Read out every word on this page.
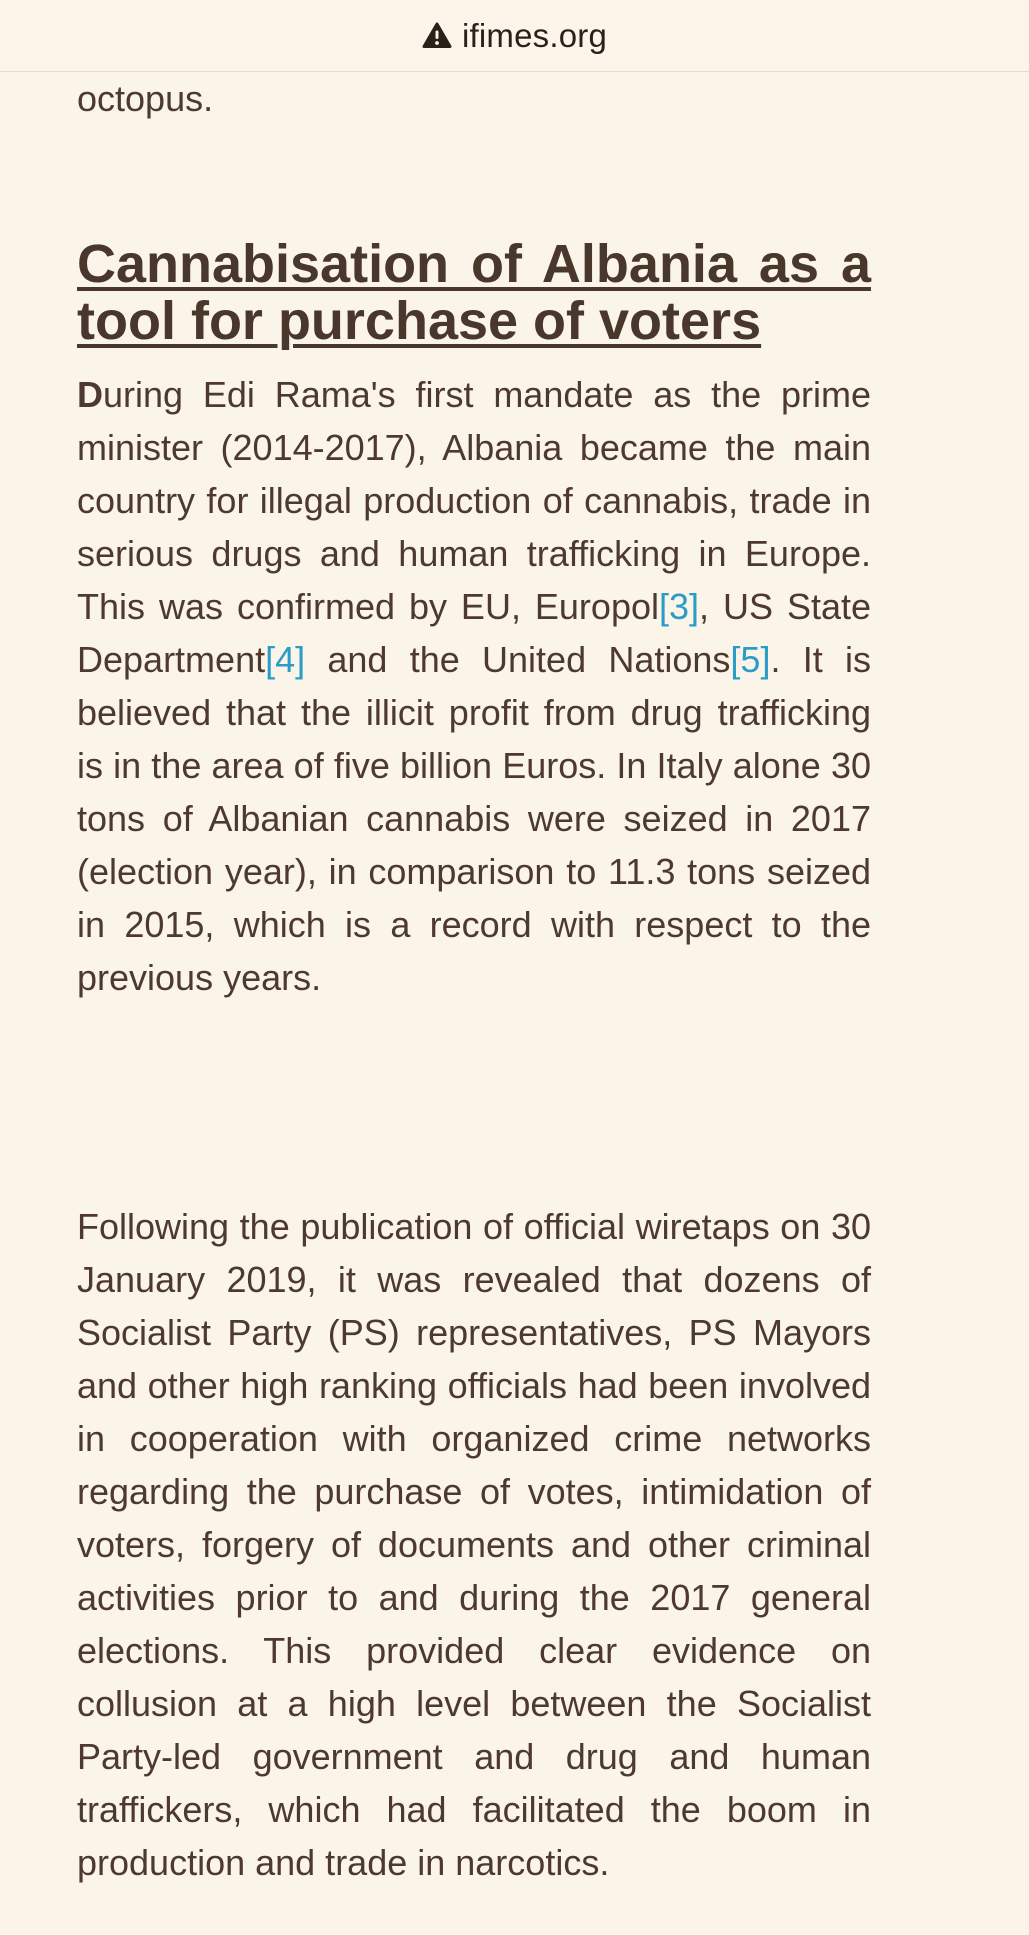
ifimes.org

octopus.

Cannabisation of Albania as a tool for purchase of voters

During Edi Rama's first mandate as the prime minister (2014-2017), Albania became the main country for illegal production of cannabis, trade in serious drugs and human trafficking in Europe. This was confirmed by EU, Europol[3], US State Department[4] and the United Nations[5]. It is believed that the illicit profit from drug trafficking is in the area of five billion Euros. In Italy alone 30 tons of Albanian cannabis were seized in 2017 (election year), in comparison to 11.3 tons seized in 2015, which is a record with respect to the previous years.

Following the publication of official wiretaps on 30 January 2019, it was revealed that dozens of Socialist Party (PS) representatives, PS Mayors and other high ranking officials had been involved in cooperation with organized crime networks regarding the purchase of votes, intimidation of voters, forgery of documents and other criminal activities prior to and during the 2017 general elections. This provided clear evidence on collusion at a high level between the Socialist Party-led government and drug and human traffickers, which had facilitated the boom in production and trade in narcotics.
